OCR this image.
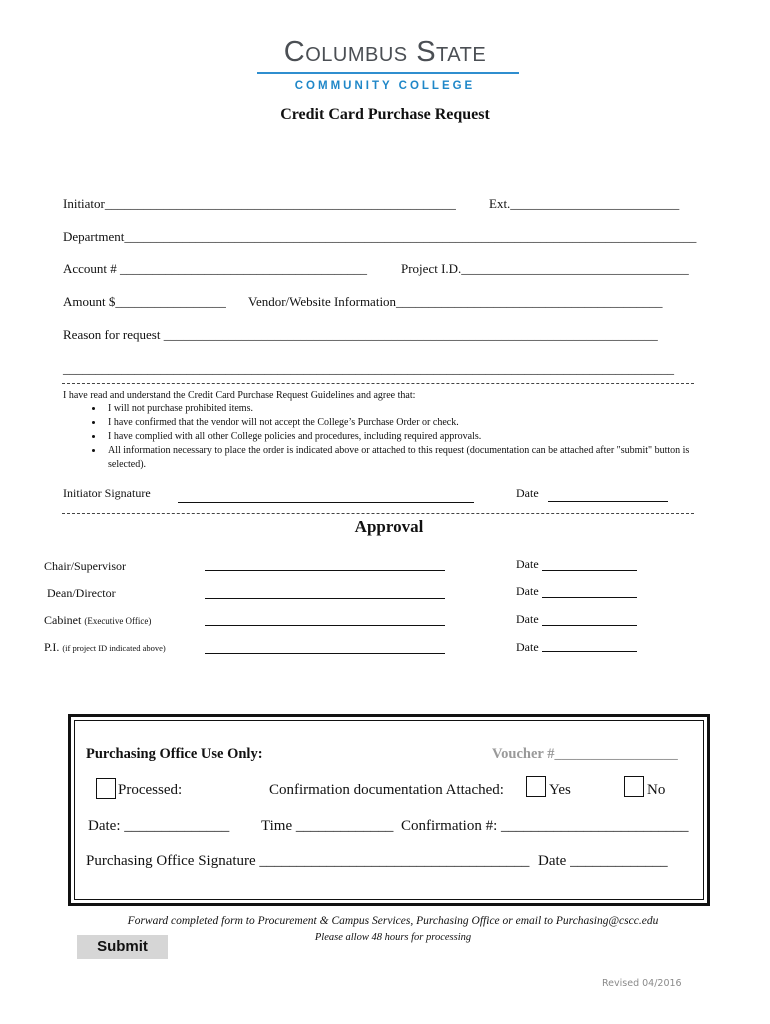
Columbus State
COMMUNITY COLLEGE
Credit Card Purchase Request
Initiator______________________________________________________	Ext.__________________________
Department________________________________________________________________________________________
Account # ______________________________________	Project I.D.___________________________________
Amount $_________________ Vendor/Website Information_________________________________________
Reason for request ____________________________________________________________________________
______________________________________________________________________________________________
I have read and understand the Credit Card Purchase Request Guidelines and agree that:
• I will not purchase prohibited items.
• I have confirmed that the vendor will not accept the College’s Purchase Order or check.
• I have complied with all other College policies and procedures, including required approvals.
• All information necessary to place the order is indicated above or attached to this request (documentation can be attached after "submit" button is selected).
Initiator Signature	Date
Approval
Chair/Supervisor	Date
Dean/Director	Date
Cabinet (Executive Office)	Date
P.I. (if project ID indicated above)	Date
Purchasing Office Use Only:	Voucher #_________________
Processed:	Confirmation documentation Attached:	Yes	No
Date: ______________ Time _____________ Confirmation #: _________________________
Purchasing Office Signature ____________________________________ Date _____________
Forward completed form to Procurement & Campus Services, Purchasing Office or email to Purchasing@cscc.edu
Please allow 48 hours for processing
Submit
Revised 04/2016
